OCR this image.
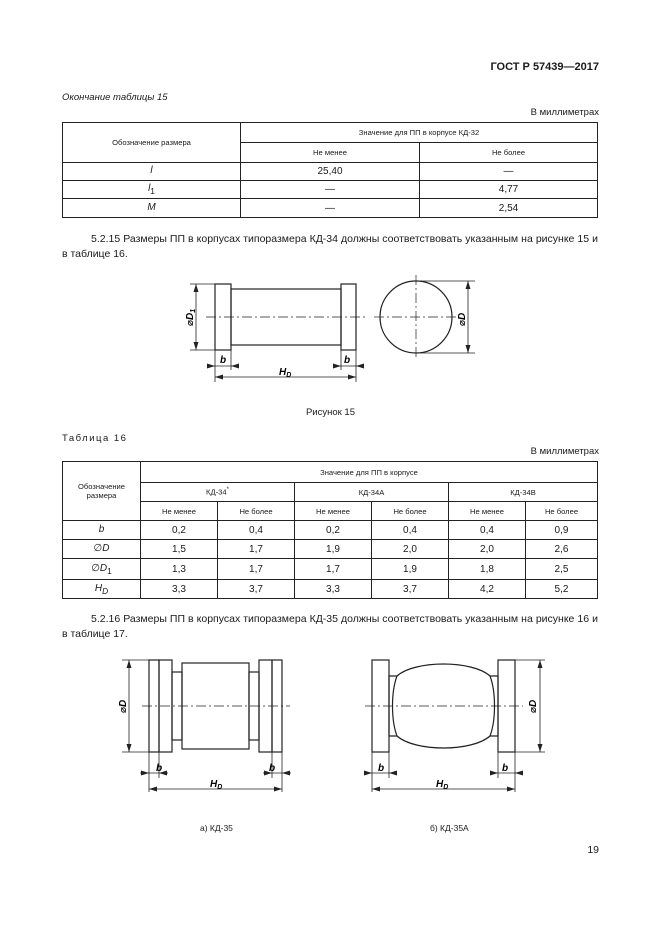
ГОСТ Р 57439—2017
Окончание таблицы 15
В миллиметрах
Обозначение размера	Значение для ПП в корпусе КД-32	
	Не менее	Не более
l	25,40	—
$l_1$	—	4,77
M	—	2,54
5.2.15 Размеры ПП в корпусах типоразмера КД-34 должны соответствовать указанным на рисунке 15 и в таблице 16.
$⌀D_1$
⌀D
b	b
$H_D$
Рисунок 15
Таблица 16
В миллиметрах
Обозначение размера	Значение для ПП в корпусе					
	КД-34*		КД-34А		КД-34В	
	Не менее	Не более	Не менее	Не более	Не менее	Не более
b	0,2	0,4	0,2	0,4	0,4	0,9
∅D	1,5	1,7	1,9	2,0	2,0	2,6
$\emptyset D_1$	1,3	1,7	1,7	1,9	1,8	2,5
$H_D$	3,3	3,7	3,3	3,7	4,2	5,2
5.2.16 Размеры ПП в корпусах типоразмера КД-35 должны соответствовать указанным на рисунке 16 и в таблице 17.
⌀D
b	b
$H_D$
⌀D
b	b
$H_D$
а) КД-35	б) КД-35А
19
